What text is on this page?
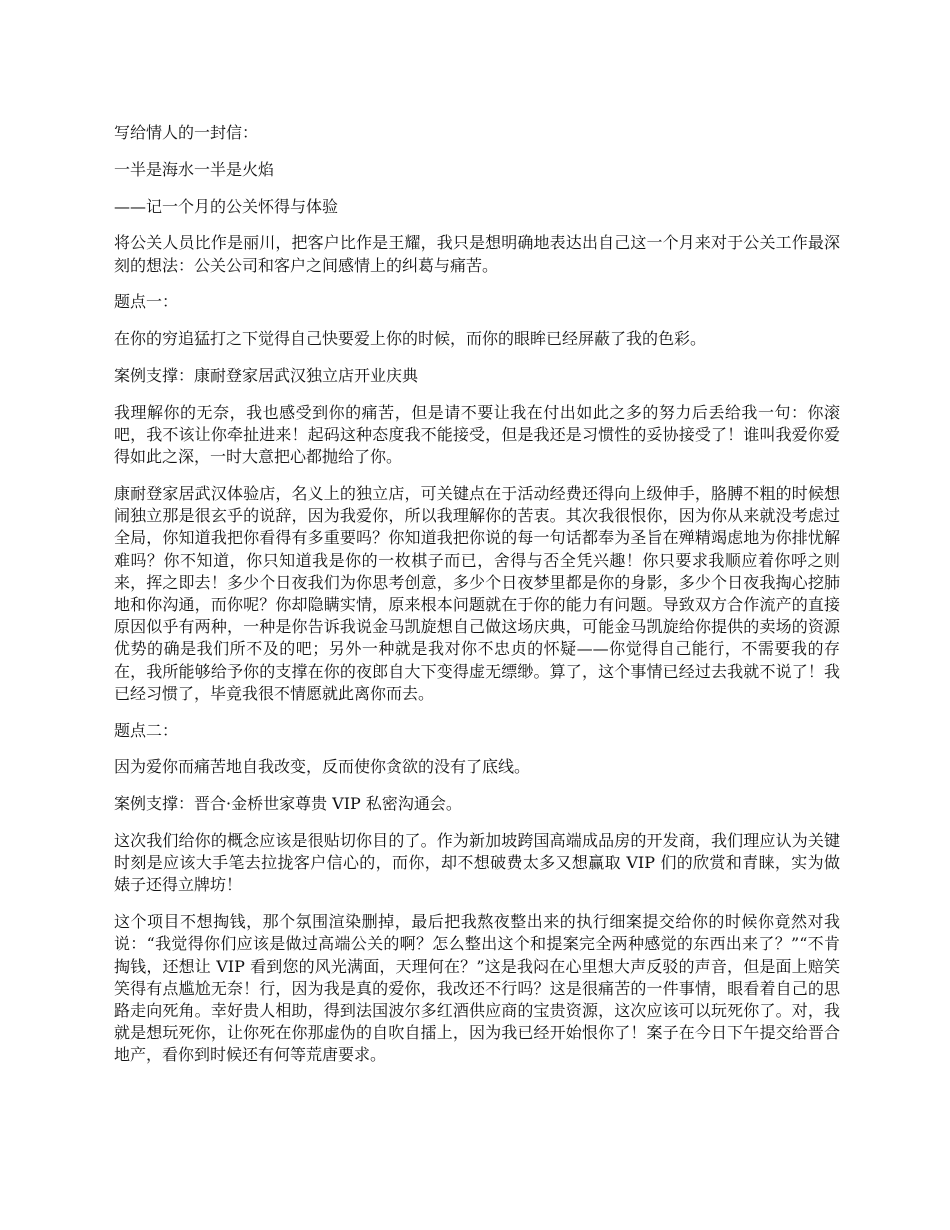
写给情人的一封信：

一半是海水一半是火焰

——记一个月的公关怀得与体验

将公关人员比作是丽川，把客户比作是王耀，我只是想明确地表达出自己这一个月来对于公关工作最深刻的想法：公关公司和客户之间感情上的纠葛与痛苦。

题点一：

在你的穷追猛打之下觉得自己快要爱上你的时候，而你的眼眸已经屏蔽了我的色彩。

案例支撑：康耐登家居武汉独立店开业庆典

我理解你的无奈，我也感受到你的痛苦，但是请不要让我在付出如此之多的努力后丢给我一句：你滚吧，我不该让你牵扯进来！起码这种态度我不能接受，但是我还是习惯性的妥协接受了！谁叫我爱你爱得如此之深，一时大意把心都抛给了你。

康耐登家居武汉体验店，名义上的独立店，可关键点在于活动经费还得向上级伸手，胳膊不粗的时候想闹独立那是很玄乎的说辞，因为我爱你，所以我理解你的苦衷。其次我很恨你，因为你从来就没考虑过全局，你知道我把你看得有多重要吗？你知道我把你说的每一句话都奉为圣旨在殚精竭虑地为你排忧解难吗？你不知道，你只知道我是你的一枚棋子而已，舍得与否全凭兴趣！你只要求我顺应着你呼之则来，挥之即去！多少个日夜我们为你思考创意，多少个日夜梦里都是你的身影，多少个日夜我掏心挖肺地和你沟通，而你呢？你却隐瞒实情，原来根本问题就在于你的能力有问题。导致双方合作流产的直接原因似乎有两种，一种是你告诉我说金马凯旋想自己做这场庆典，可能金马凯旋给你提供的卖场的资源优势的确是我们所不及的吧；另外一种就是我对你不忠贞的怀疑——你觉得自己能行，不需要我的存在，我所能够给予你的支撑在你的夜郎自大下变得虚无缥缈。算了，这个事情已经过去我就不说了！我已经习惯了，毕竟我很不情愿就此离你而去。

题点二：

因为爱你而痛苦地自我改变，反而使你贪欲的没有了底线。

案例支撑：晋合·金桥世家尊贵 VIP 私密沟通会。

这次我们给你的概念应该是很贴切你目的了。作为新加坡跨国高端成品房的开发商，我们理应认为关键时刻是应该大手笔去拉拢客户信心的，而你，却不想破费太多又想赢取 VIP 们的欣赏和青睐，实为做婊子还得立牌坊！

这个项目不想掏钱，那个氛围渲染删掉，最后把我熬夜整出来的执行细案提交给你的时候你竟然对我说：“我觉得你们应该是做过高端公关的啊？怎么整出这个和提案完全两种感觉的东西出来了？”“不肯掏钱，还想让 VIP 看到您的风光满面，天理何在？”这是我闷在心里想大声反驳的声音，但是面上赔笑笑得有点尴尬无奈！行，因为我是真的爱你，我改还不行吗？这是很痛苦的一件事情，眼看着自己的思路走向死角。幸好贵人相助，得到法国波尔多红酒供应商的宝贵资源，这次应该可以玩死你了。对，我就是想玩死你，让你死在你那虚伪的自吹自擂上，因为我已经开始恨你了！案子在今日下午提交给晋合地产，看你到时候还有何等荒唐要求。
